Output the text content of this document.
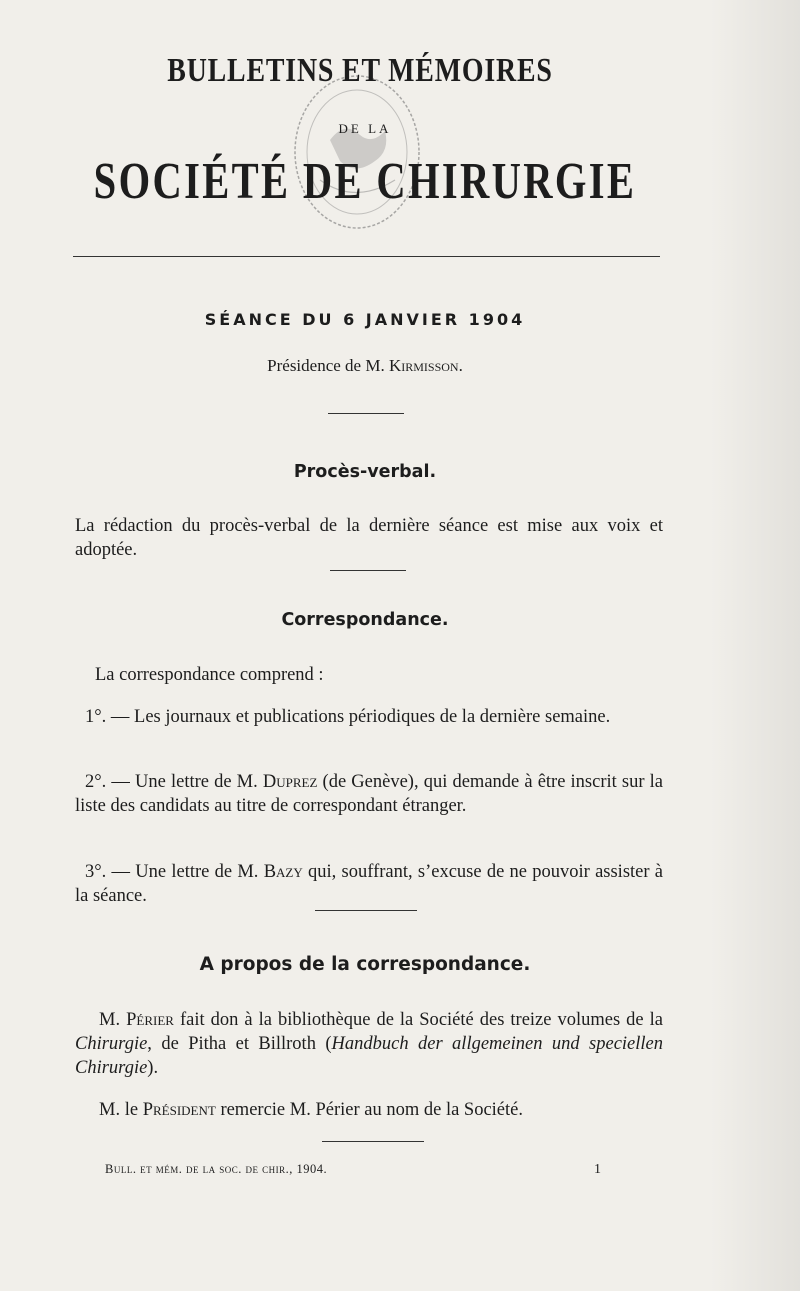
BULLETINS ET MÉMOIRES
DE LA
SOCIÉTÉ DE CHIRURGIE
SÉANCE DU 6 JANVIER 1904

Présidence de M. Kirmisson.

Procès-verbal.

La rédaction du procès-verbal de la dernière séance est mise aux voix et adoptée.

Correspondance.

La correspondance comprend :

1°. — Les journaux et publications périodiques de la dernière semaine.

2°. — Une lettre de M. Duprez (de Genève), qui demande à être inscrit sur la liste des candidats au titre de correspondant étranger.

3°. — Une lettre de M. Bazy qui, souffrant, s’excuse de ne pouvoir assister à la séance.

A propos de la correspondance.

M. Périer fait don à la bibliothèque de la Société des treize volumes de la Chirurgie, de Pitha et Billroth (Handbuch der allgemeinen und speciellen Chirurgie).

M. le Président remercie M. Périer au nom de la Société.

Bull. et mém. de la soc. de chir., 1904.	1
